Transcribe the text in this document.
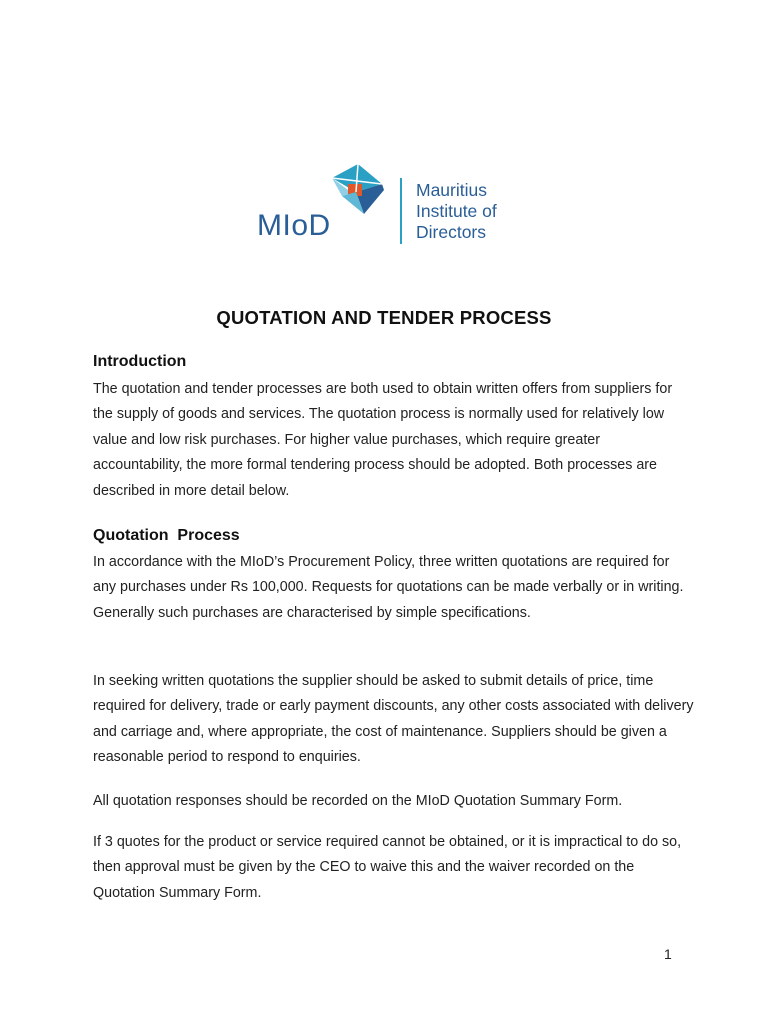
MIoD
Mauritius
Institute of
Directors
QUOTATION AND TENDER PROCESS
Introduction

The quotation and tender processes are both used to obtain written offers from suppliers for the supply of goods and services. The quotation process is normally used for relatively low value and low risk purchases. For higher value purchases, which require greater accountability, the more formal tendering process should be adopted. Both processes are described in more detail below.

Quotation  Process

In accordance with the MIoD’s Procurement Policy, three written quotations are required for any purchases under Rs 100,000. Requests for quotations can be made verbally or in writing. Generally such purchases are characterised by simple specifications.

In seeking written quotations the supplier should be asked to submit details of price, time required for delivery, trade or early payment discounts, any other costs associated with delivery and carriage and, where appropriate, the cost of maintenance. Suppliers should be given a reasonable period to respond to enquiries.

All quotation responses should be recorded on the MIoD Quotation Summary Form.

If 3 quotes for the product or service required cannot be obtained, or it is impractical to do so, then approval must be given by the CEO to waive this and the waiver recorded on the Quotation Summary Form.

1
